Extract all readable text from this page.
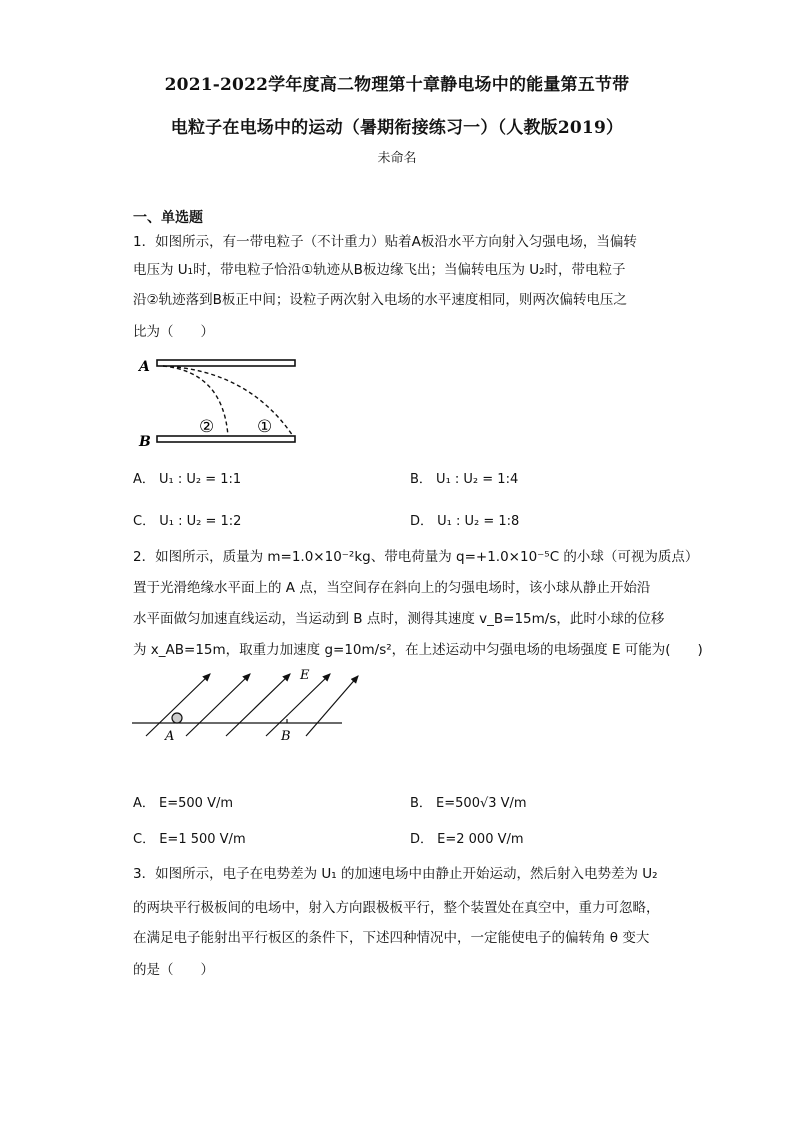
2021-2022学年度高二物理第十章静电场中的能量第五节带
电粒子在电场中的运动（暑期衔接练习一）（人教版2019）
未命名
一、单选题
1．如图所示，有一带电粒子（不计重力）贴着A板沿水平方向射入匀强电场，当偏转
电压为 U₁时，带电粒子恰沿①轨迹从B板边缘飞出；当偏转电压为 U₂时，带电粒子
沿②轨迹落到B板正中间；设粒子两次射入电场的水平速度相同，则两次偏转电压之
比为（　　）
A
B
②	①
A． U₁ : U₂ = 1:1	B． U₁ : U₂ = 1:4
C． U₁ : U₂ = 1:2	D． U₁ : U₂ = 1:8
2．如图所示，质量为 m=1.0×10⁻²kg、带电荷量为 q=+1.0×10⁻⁵C 的小球（可视为质点）
置于光滑绝缘水平面上的 A 点，当空间存在斜向上的匀强电场时，该小球从静止开始沿
水平面做匀加速直线运动，当运动到 B 点时，测得其速度 v_B=15m/s，此时小球的位移
为 x_AB=15m，取重力加速度 g=10m/s²，在上述运动中匀强电场的电场强度 E 可能为(　　)
E
A	B
A． E=500 V/m	B． E=500√3 V/m
C． E=1 500 V/m	D． E=2 000 V/m
3．如图所示，电子在电势差为 U₁ 的加速电场中由静止开始运动，然后射入电势差为 U₂
的两块平行极板间的电场中，射入方向跟极板平行，整个装置处在真空中，重力可忽略，
在满足电子能射出平行板区的条件下，下述四种情况中，一定能使电子的偏转角 θ 变大
的是（　　）
